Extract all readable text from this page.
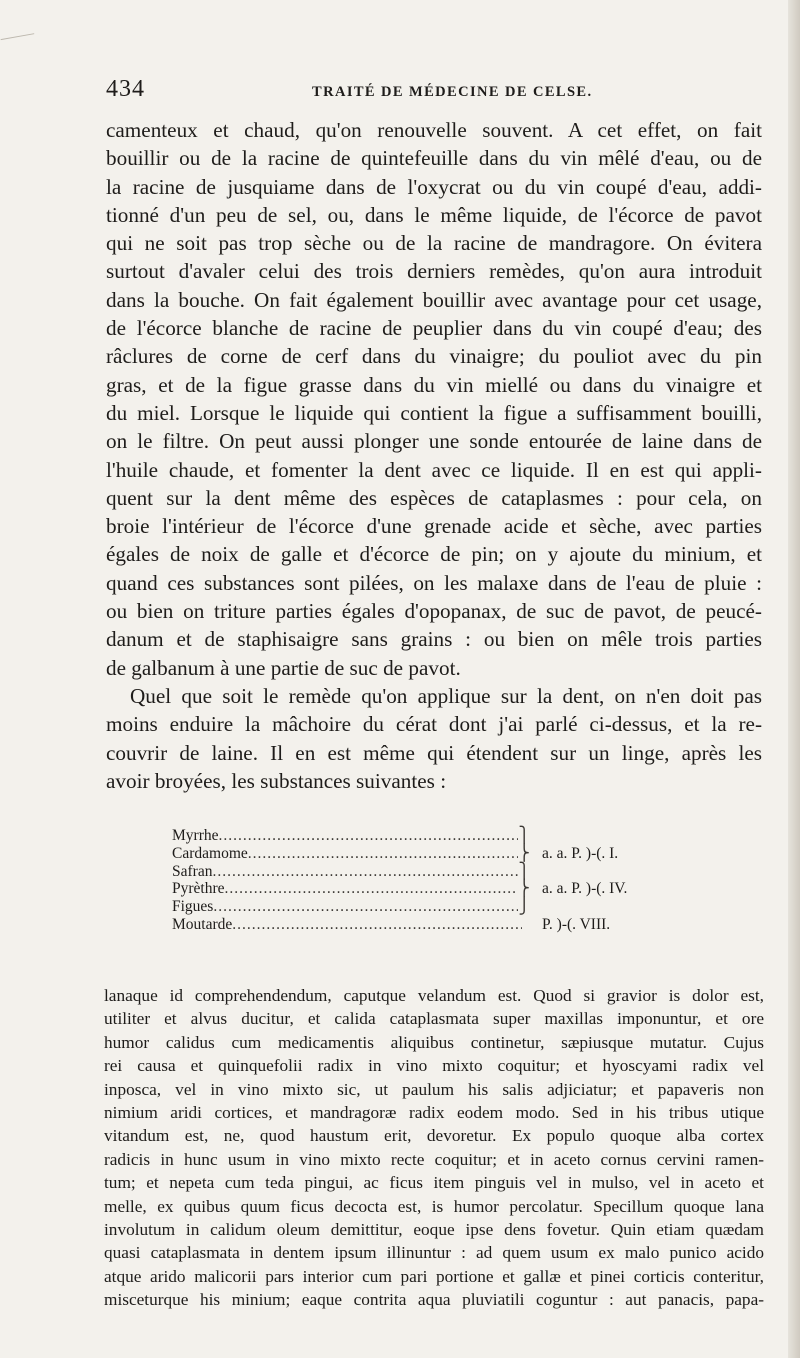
434	TRAITÉ DE MÉDECINE DE CELSE.
camenteux et chaud, qu'on renouvelle souvent. A cet effet, on fait
bouillir ou de la racine de quintefeuille dans du vin mêlé d'eau, ou de
la racine de jusquiame dans de l'oxycrat ou du vin coupé d'eau, addi-
tionné d'un peu de sel, ou, dans le même liquide, de l'écorce de pavot
qui ne soit pas trop sèche ou de la racine de mandragore. On évitera
surtout d'avaler celui des trois derniers remèdes, qu'on aura introduit
dans la bouche. On fait également bouillir avec avantage pour cet usage,
de l'écorce blanche de racine de peuplier dans du vin coupé d'eau; des
râclures de corne de cerf dans du vinaigre; du pouliot avec du pin
gras, et de la figue grasse dans du vin miellé ou dans du vinaigre et
du miel. Lorsque le liquide qui contient la figue a suffisamment bouilli,
on le filtre. On peut aussi plonger une sonde entourée de laine dans de
l'huile chaude, et fomenter la dent avec ce liquide. Il en est qui appli-
quent sur la dent même des espèces de cataplasmes : pour cela, on
broie l'intérieur de l'écorce d'une grenade acide et sèche, avec parties
égales de noix de galle et d'écorce de pin; on y ajoute du minium, et
quand ces substances sont pilées, on les malaxe dans de l'eau de pluie :
ou bien on triture parties égales d'opopanax, de suc de pavot, de peucé-
danum et de staphisaigre sans grains : ou bien on mêle trois parties
de galbanum à une partie de suc de pavot.
Quel que soit le remède qu'on applique sur la dent, on n'en doit pas
moins enduire la mâchoire du cérat dont j'ai parlé ci-dessus, et la re-
couvrir de laine. Il en est même qui étendent sur un linge, après les
avoir broyées, les substances suivantes :
Myrrhe .....	⎫
Cardamome .....	⎬ a. a. P. )-(. I.
Safran .....	⎫
Pyrèthre .....	⎬ a. a. P. )-(. IV.
Figues .....	⎭
Moutarde .....	P. )-(. VIII.
lanaque id comprehendendum, caputque velandum est. Quod si gravior is dolor est,
utiliter et alvus ducitur, et calida cataplasmata super maxillas imponuntur, et ore
humor calidus cum medicamentis aliquibus continetur, sæpiusque mutatur. Cujus
rei causa et quinquefolii radix in vino mixto coquitur; et hyoscyami radix vel
inposca, vel in vino mixto sic, ut paulum his salis adjiciatur; et papaveris non
nimium aridi cortices, et mandragoræ radix eodem modo. Sed in his tribus utique
vitandum est, ne, quod haustum erit, devoretur. Ex populo quoque alba cortex
radicis in hunc usum in vino mixto recte coquitur; et in aceto cornus cervini ramen-
tum; et nepeta cum teda pingui, ac ficus item pinguis vel in mulso, vel in aceto et
melle, ex quibus quum ficus decocta est, is humor percolatur. Specillum quoque lana
involutum in calidum oleum demittitur, eoque ipse dens fovetur. Quin etiam quædam
quasi cataplasmata in dentem ipsum illinuntur : ad quem usum ex malo punico acido
atque arido malicorii pars interior cum pari portione et gallæ et pinei corticis conteritur,
misceturque his minium; eaque contrita aqua pluviatili coguntur : aut panacis, papa-
